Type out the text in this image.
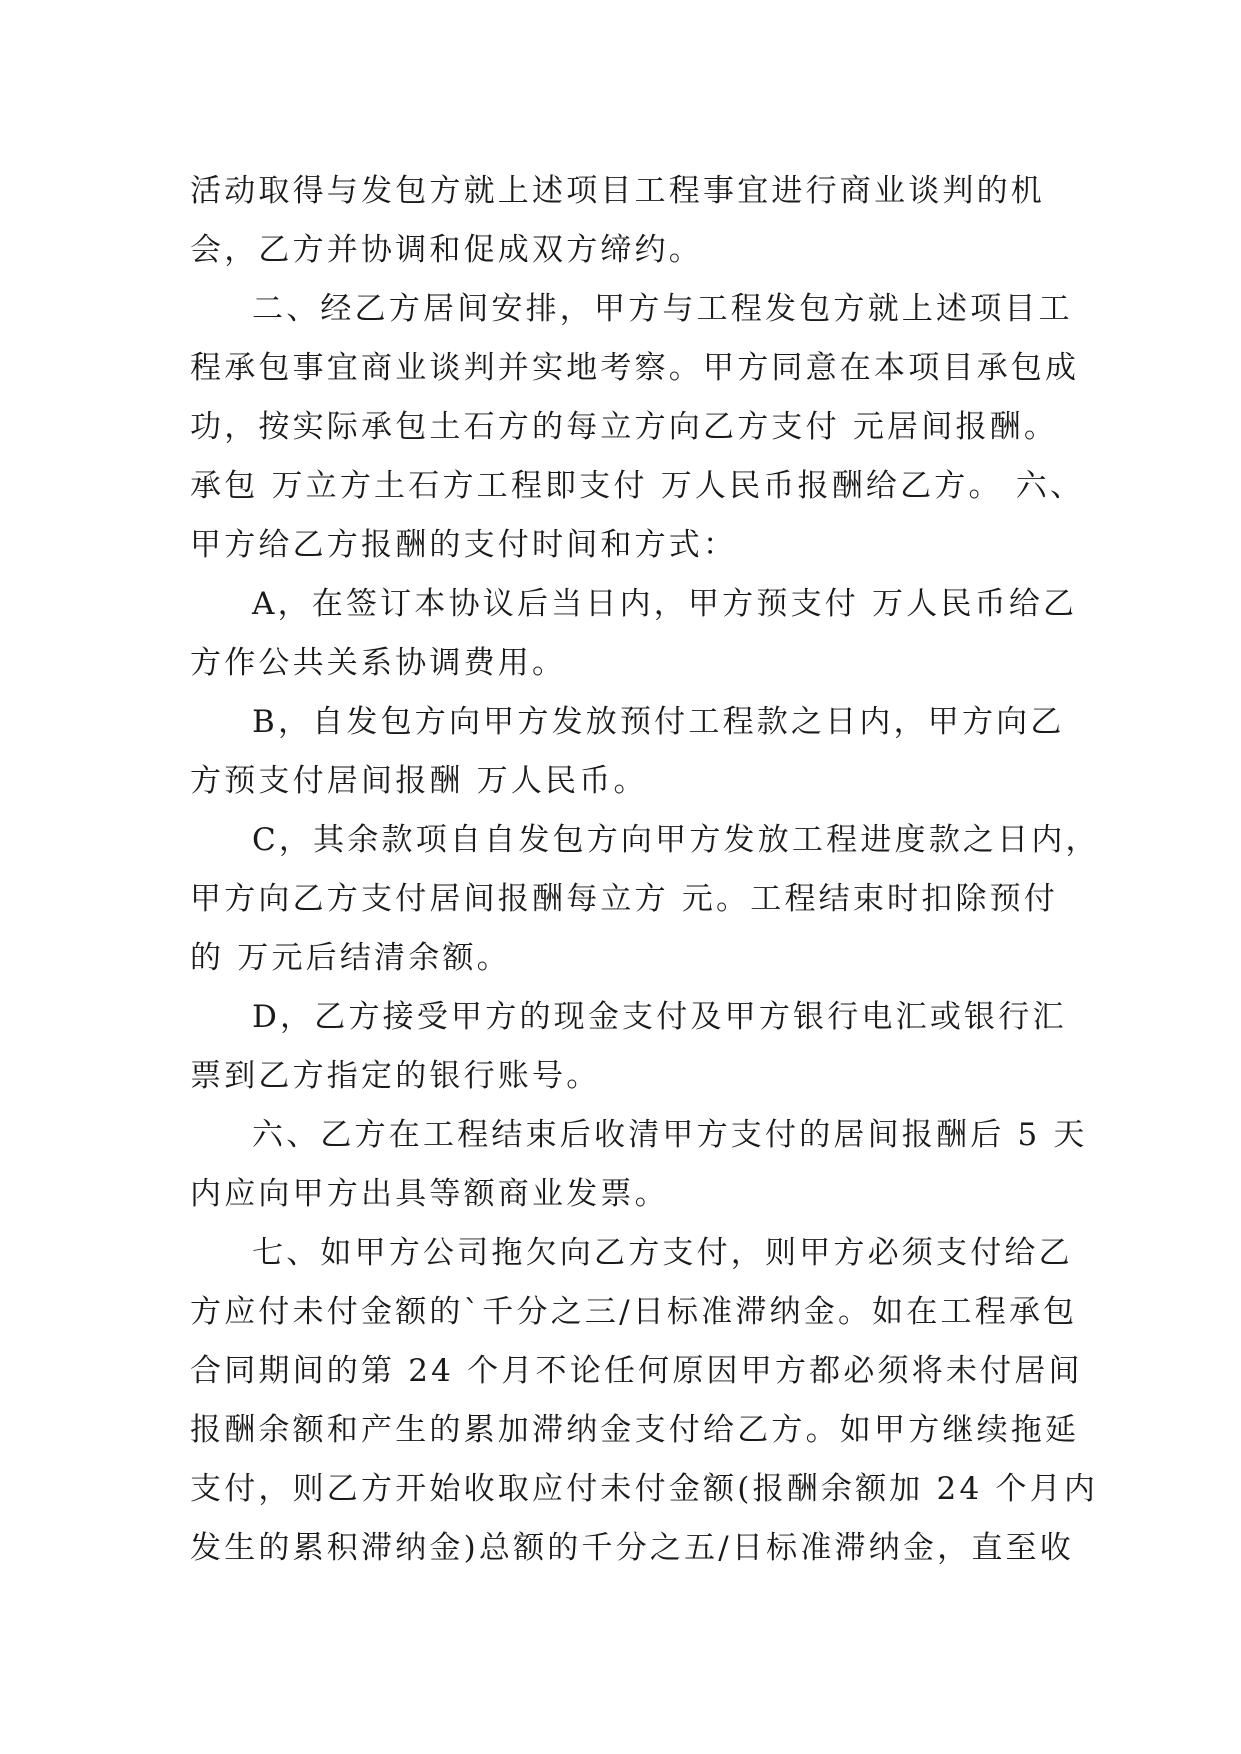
活动取得与发包方就上述项目工程事宜进行商业谈判的机
会，乙方并协调和促成双方缔约。
二、经乙方居间安排，甲方与工程发包方就上述项目工
程承包事宜商业谈判并实地考察。甲方同意在本项目承包成
功，按实际承包土石方的每立方向乙方支付 元居间报酬。
承包 万立方土石方工程即支付 万人民币报酬给乙方。 六、
甲方给乙方报酬的支付时间和方式：
A，在签订本协议后当日内，甲方预支付 万人民币给乙
方作公共关系协调费用。
B，自发包方向甲方发放预付工程款之日内，甲方向乙
方预支付居间报酬 万人民币。
C，其余款项自自发包方向甲方发放工程进度款之日内，
甲方向乙方支付居间报酬每立方 元。工程结束时扣除预付
的 万元后结清余额。
D，乙方接受甲方的现金支付及甲方银行电汇或银行汇
票到乙方指定的银行账号。
六、乙方在工程结束后收清甲方支付的居间报酬后 5 天
内应向甲方出具等额商业发票。
七、如甲方公司拖欠向乙方支付，则甲方必须支付给乙
方应付未付金额的`千分之三/日标准滞纳金。如在工程承包
合同期间的第 24 个月不论任何原因甲方都必须将未付居间
报酬余额和产生的累加滞纳金支付给乙方。如甲方继续拖延
支付，则乙方开始收取应付未付金额(报酬余额加 24 个月内
发生的累积滞纳金)总额的千分之五/日标准滞纳金，直至收
